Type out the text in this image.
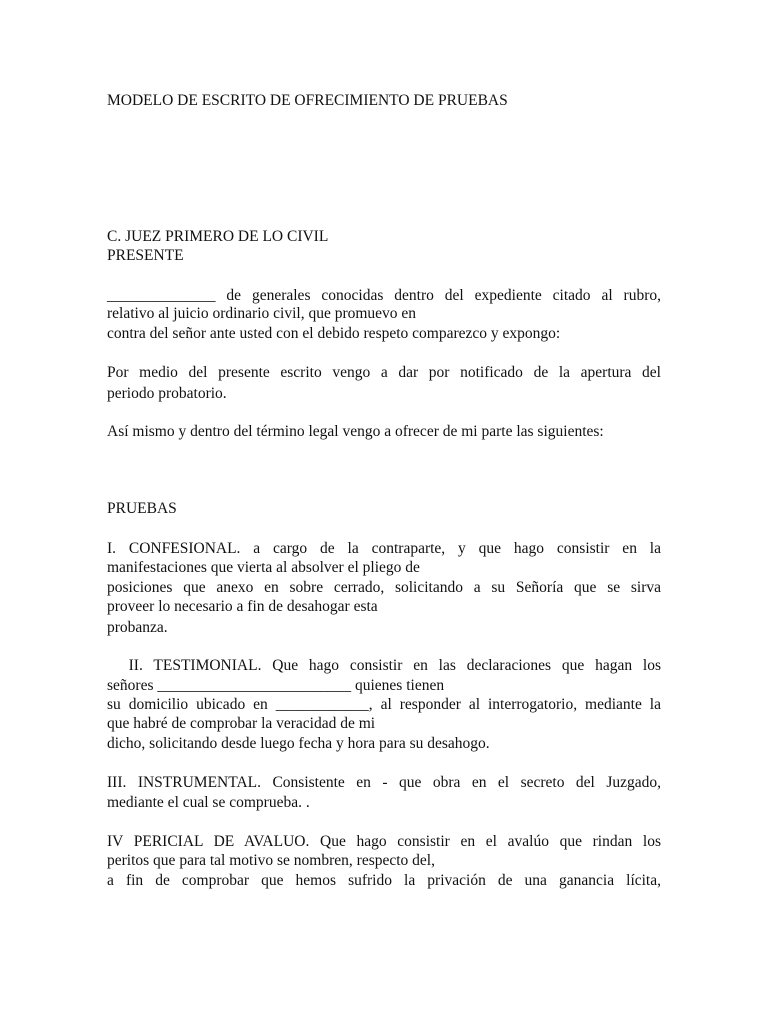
MODELO DE ESCRITO DE OFRECIMIENTO DE PRUEBAS
C. JUEZ PRIMERO DE LO CIVIL
PRESENTE
______________ de generales conocidas dentro del expediente citado al rubro,
relativo al juicio ordinario civil, que promuevo en
contra del señor ante usted con el debido respeto comparezco y expongo:
Por medio del presente escrito vengo a dar por notificado de la apertura del
periodo probatorio.
Así mismo y dentro del término legal vengo a ofrecer de mi parte las siguientes:
PRUEBAS
I. CONFESIONAL. a cargo de la contraparte, y que hago consistir en la
manifestaciones que vierta al absolver el pliego de
posiciones que anexo en sobre cerrado, solicitando a su Señoría que se sirva
proveer lo necesario a fin de desahogar esta
probanza.
II. TESTIMONIAL. Que hago consistir en las declaraciones que hagan los
señores _________________________ quienes tienen
su domicilio ubicado en ____________, al responder al interrogatorio, mediante la
que habré de comprobar la veracidad de mi
dicho, solicitando desde luego fecha y hora para su desahogo.
III. INSTRUMENTAL. Consistente en - que obra en el secreto del Juzgado,
mediante el cual se comprueba. .
IV PERICIAL DE AVALUO. Que hago consistir en el avalúo que rindan los
peritos que para tal motivo se nombren, respecto del,
a fin de comprobar que hemos sufrido la privación de una ganancia lícita,
